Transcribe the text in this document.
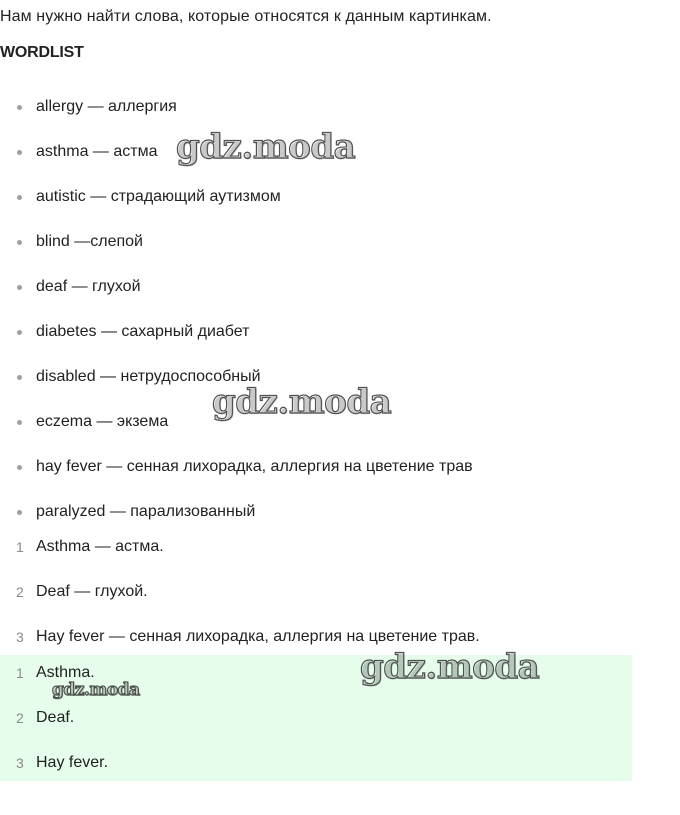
Нам нужно найти слова, которые относятся к данным картинкам.
WORDLIST
allergy — аллергия
asthma — астма
autistic — страдающий аутизмом
blind —слепой
deaf — глухой
diabetes — сахарный диабет
disabled — нетрудоспособный
eczema — экзема
hay fever — сенная лихорадка, аллергия на цветение трав
paralyzed — парализованный
1 Asthma — астма.
2 Deaf — глухой.
3 Hay fever — сенная лихорадка, аллергия на цветение трав.
1 Asthma.
2 Deaf.
3 Hay fever.
gdz.moda
gdz.moda
gdz.moda
gdz.moda
